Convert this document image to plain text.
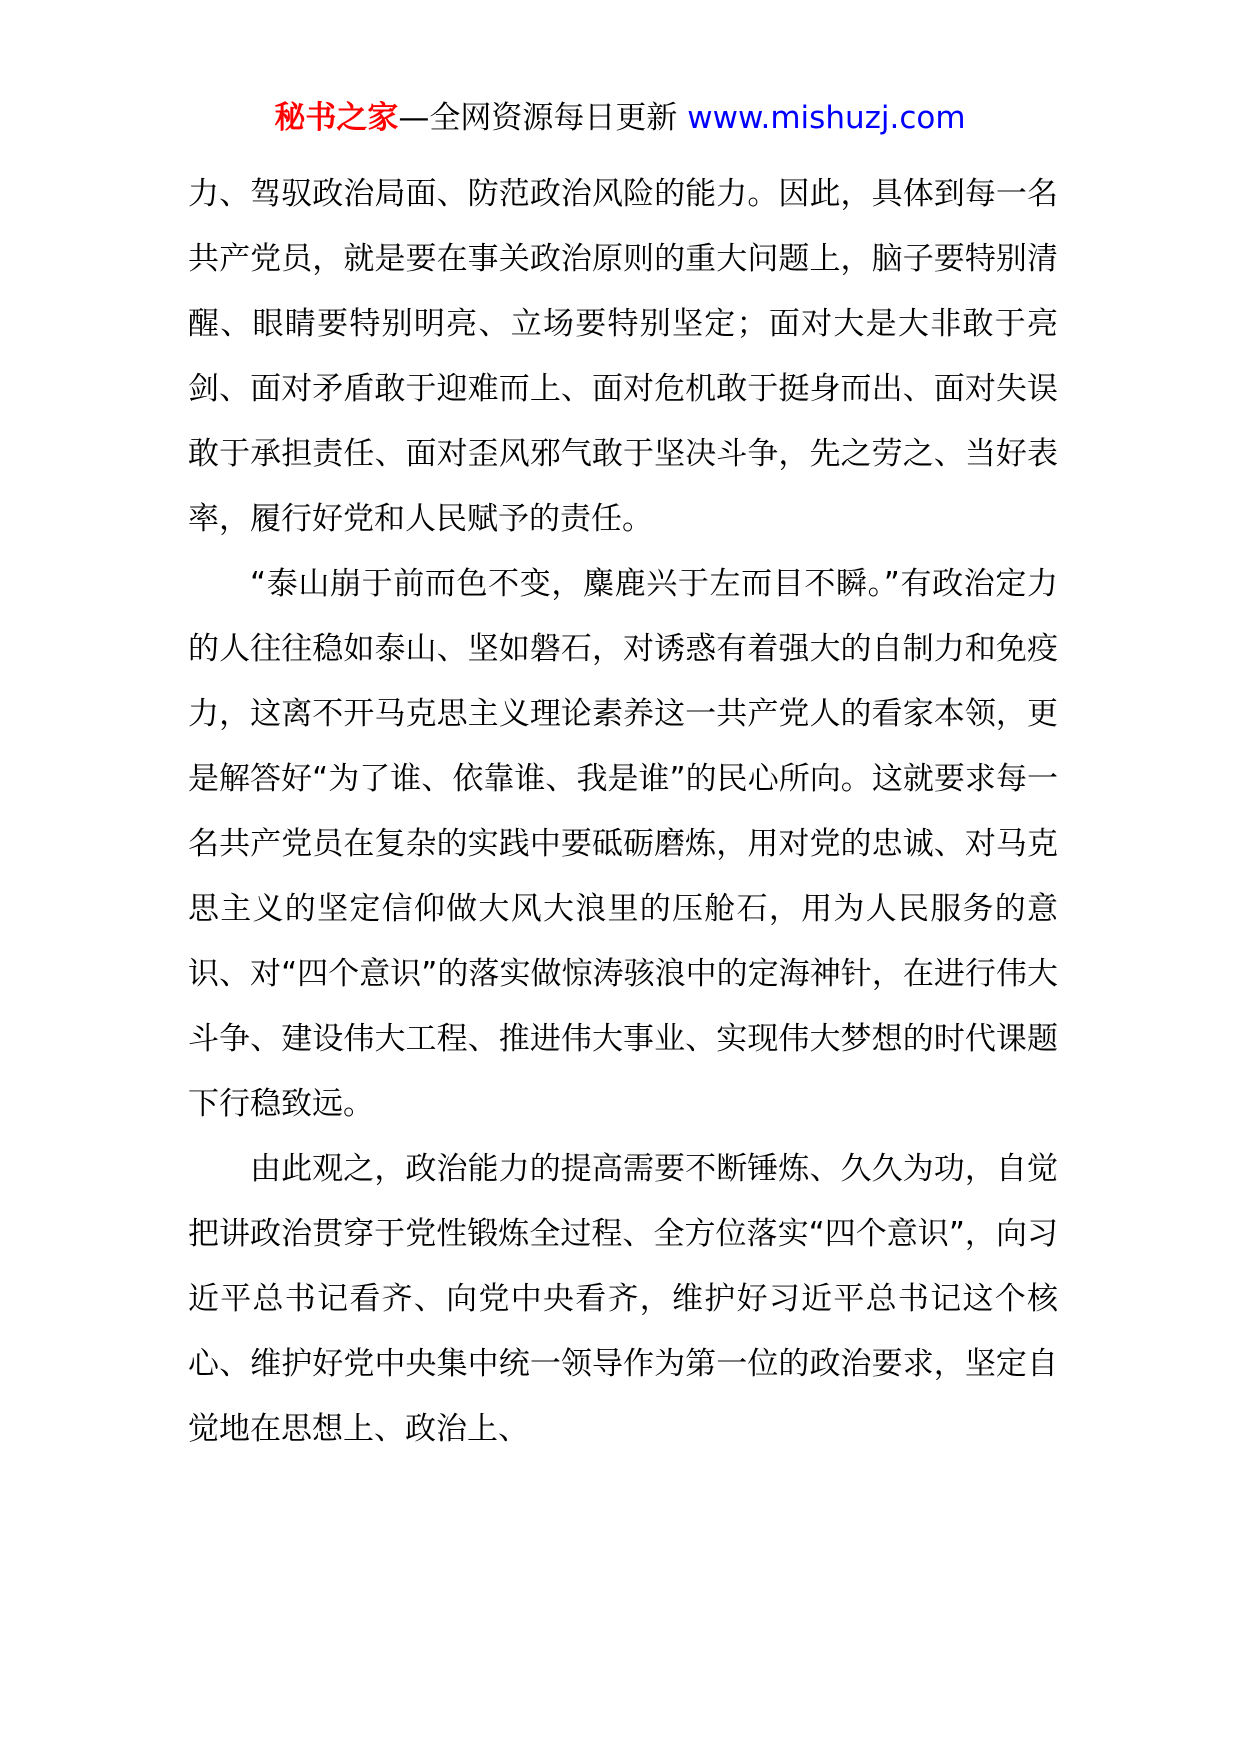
秘书之家—全网资源每日更新 www.mishuzj.com

力、驾驭政治局面、防范政治风险的能力。因此，具体到每一名共产党员，就是要在事关政治原则的重大问题上，脑子要特别清醒、眼睛要特别明亮、立场要特别坚定；面对大是大非敢于亮剑、面对矛盾敢于迎难而上、面对危机敢于挺身而出、面对失误敢于承担责任、面对歪风邪气敢于坚决斗争，先之劳之、当好表率，履行好党和人民赋予的责任。

“泰山崩于前而色不变，麋鹿兴于左而目不瞬。”有政治定力的人往往稳如泰山、坚如磐石，对诱惑有着强大的自制力和免疫力，这离不开马克思主义理论素养这一共产党人的看家本领，更是解答好“为了谁、依靠谁、我是谁”的民心所向。这就要求每一名共产党员在复杂的实践中要砥砺磨炼，用对党的忠诚、对马克思主义的坚定信仰做大风大浪里的压舱石，用为人民服务的意识、对“四个意识”的落实做惊涛骇浪中的定海神针，在进行伟大斗争、建设伟大工程、推进伟大事业、实现伟大梦想的时代课题下行稳致远。

由此观之，政治能力的提高需要不断锤炼、久久为功，自觉把讲政治贯穿于党性锻炼全过程、全方位落实“四个意识”，向习近平总书记看齐、向党中央看齐，维护好习近平总书记这个核心、维护好党中央集中统一领导作为第一位的政治要求，坚定自觉地在思想上、政治上、
